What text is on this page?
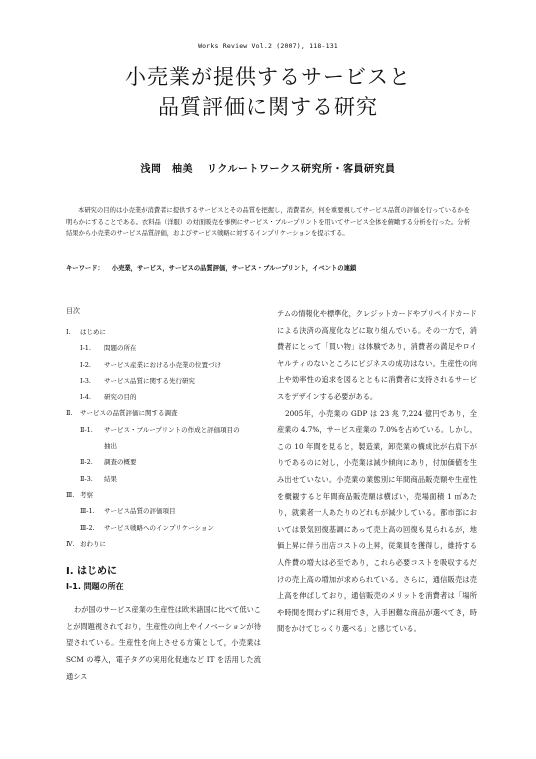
Works Review Vol.2 (2007), 118-131
小売業が提供するサービスと
品質評価に関する研究
浅岡　柚美 リクルートワークス研究所・客員研究員
本研究の目的は小売業が消費者に提供するサービスとその品質を把握し，消費者が，何を重要視してサービス品質の評価を行っているかを明らかにすることである。衣料品（洋服）の対面販売を事例にサービス・ブループリントを用いてサービス全体を俯瞰する分析を行った。分析結果から小売業のサービス品質評価，およびサービス戦略に対するインプリケーションを提示する。
キーワード： 小売業，サービス，サービスの品質評価，サービス・ブループリント，イベントの連鎖
目次
Ⅰ. はじめに
Ⅰ-1. 問題の所在
Ⅰ-2. サービス産業における小売業の位置づけ
Ⅰ-3. サービス品質に関する先行研究
Ⅰ-4. 研究の目的
Ⅱ. サービスの品質評価に関する調査
Ⅱ-1. サービス・ブループリントの作成と評価項目の
抽出
Ⅱ-2. 調査の概要
Ⅱ-3. 結果
Ⅲ. 考察
Ⅲ-1. サービス品質の評価項目
Ⅲ-2. サービス戦略へのインプリケーション
Ⅳ. おわりに
Ⅰ. はじめに
Ⅰ-1. 問題の所在
わが国のサービス産業の生産性は欧米諸国に比べて低いことが問題視されており，生産性の向上やイノベーションが待望されている。生産性を向上させる方策として，小売業は SCM の導入，電子タグの実用化促進など IT を活用した流通シス
テムの情報化や標準化，クレジットカードやプリペイドカードによる決済の高度化などに取り組んでいる。その一方で，消費者にとって「買い物」は体験であり，消費者の満足やロイヤルティのないところにビジネスの成功はない。生産性の向上や効率性の追求を図るとともに消費者に支持されるサービスをデザインする必要がある。
2005年，小売業の GDP は 23 兆 7,224 億円であり，全産業の 4.7%，サービス産業の 7.0%を占めている。しかし，この 10 年間を見ると，製造業，卸売業の構成比が右肩下がりであるのに対し，小売業は減少傾向にあり，付加価値を生み出せていない。小売業の業態別に年間商品販売額や生産性を概観すると年間商品販売額は横ばい，売場面積 1 ㎡あたり，就業者一人あたりのどれもが減少している。都市部においては景気回復基調にあって売上高の回復も見られるが，地価上昇に伴う出店コストの上昇，従業員を獲得し，維持する人件費の増大は必至であり，これら必要コストを吸収するだけの売上高の増加が求められている。さらに，通信販売は売上高を伸ばしており，通信販売のメリットを消費者は「場所や時間を問わずに利用でき，入手困難な商品が選べてき，時間をかけてじっくり選べる」と感じている。
